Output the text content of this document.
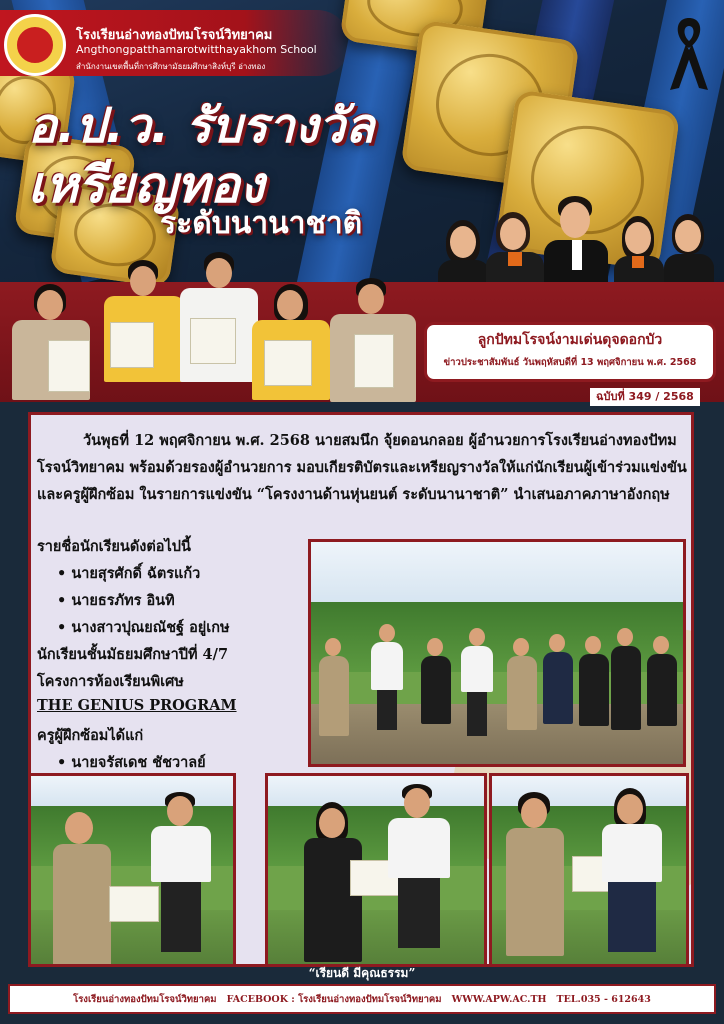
โรงเรียนอ่างทองปัทมโรจน์วิทยาคม
Angthongpatthamarotwitthayakhom School
สำนักงานเขตพื้นที่การศึกษามัธยมศึกษาสิงห์บุรี อ่างทอง
อ.ป.ว. รับรางวัล
เหรียญทอง
ระดับนานาชาติ
ลูกปัทมโรจน์งามเด่นดุจดอกบัว
ข่าวประชาสัมพันธ์ วันพฤหัสบดีที่ 13 พฤศจิกายน พ.ศ. 2568
ฉบับที่ 349 / 2568

วันพุธที่ 12 พฤศจิกายน พ.ศ. 2568 นายสมนึก จุ้ยดอนกลอย ผู้อำนวยการโรงเรียนอ่างทองปัทมโรจน์วิทยาคม พร้อมด้วยรองผู้อำนวยการ มอบเกียรติบัตรและเหรียญรางวัลให้แก่นักเรียนผู้เข้าร่วมแข่งขันและครูผู้ฝึกซ้อม ในรายการแข่งขัน “โครงงานด้านหุ่นยนต์ ระดับนานาชาติ” นำเสนอภาคภาษาอังกฤษ

รายชื่อนักเรียนดังต่อไปนี้
• นายสุรศักดิ์ ฉัตรแก้ว
• นายธรภัทร อินทิ
• นางสาวปุณยณัชฐ์ อยู่เกษ
นักเรียนชั้นมัธยมศึกษาปีที่ 4/7
โครงการห้องเรียนพิเศษ
THE GENIUS PROGRAM
ครูผู้ฝึกซ้อมได้แก่
• นายจรัสเดช ชัชวาลย์
“เรียนดี มีคุณธรรม”
โรงเรียนอ่างทองปัทมโรจน์วิทยาคม FACEBOOK : โรงเรียนอ่างทองปัทมโรจน์วิทยาคม WWW.APW.AC.TH TEL.035 - 612643
